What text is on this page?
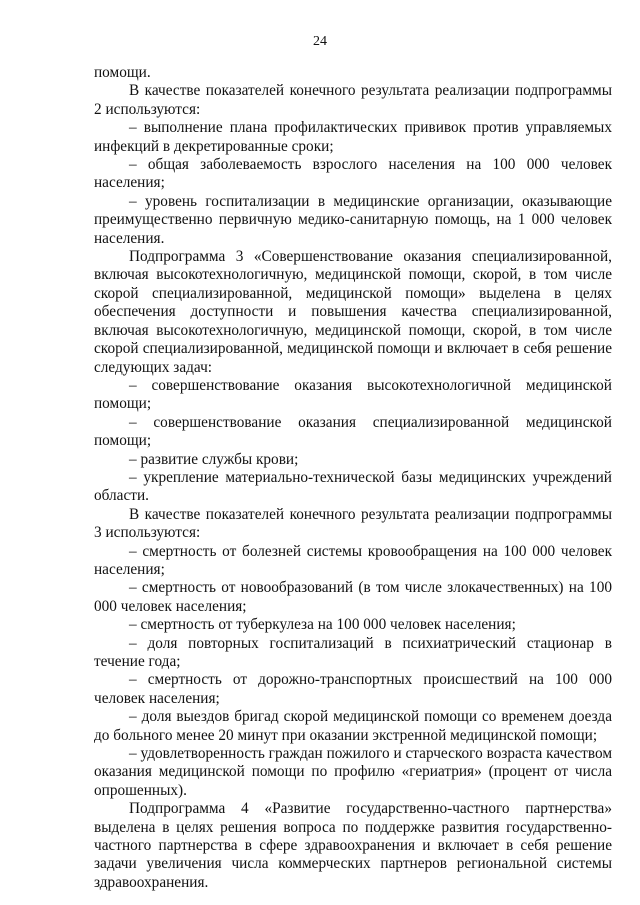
24

помощи.

В качестве показателей конечного результата реализации подпрограммы 2 используются:

– выполнение плана профилактических прививок против управляемых инфекций в декретированные сроки;

– общая заболеваемость взрослого населения на 100 000 человек населения;

– уровень госпитализации в медицинские организации, оказывающие преимущественно первичную медико-санитарную помощь, на 1 000 человек населения.

Подпрограмма 3 «Совершенствование оказания специализированной, включая высокотехнологичную, медицинской помощи, скорой, в том числе скорой специализированной, медицинской помощи» выделена в целях обеспечения доступности и повышения качества специализированной, включая высокотехнологичную, медицинской помощи, скорой, в том числе скорой специализированной, медицинской помощи и включает в себя решение следующих задач:

– совершенствование оказания высокотехнологичной медицинской помощи;

– совершенствование оказания специализированной медицинской помощи;

– развитие службы крови;

– укрепление материально-технической базы медицинских учреждений области.

В качестве показателей конечного результата реализации подпрограммы 3 используются:

– смертность от болезней системы кровообращения на 100 000 человек населения;

– смертность от новообразований (в том числе злокачественных) на 100 000 человек населения;

– смертность от туберкулеза на 100 000 человек населения;

– доля повторных госпитализаций в психиатрический стационар в течение года;

– смертность от дорожно-транспортных происшествий на 100 000 человек населения;

– доля выездов бригад скорой медицинской помощи со временем доезда до больного менее 20 минут при оказании экстренной медицинской помощи;

– удовлетворенность граждан пожилого и старческого возраста качеством оказания медицинской помощи по профилю «гериатрия» (процент от числа опрошенных).

Подпрограмма 4 «Развитие государственно-частного партнерства» выделена в целях решения вопроса по поддержке развития государственно-частного партнерства в сфере здравоохранения и включает в себя решение задачи увеличения числа коммерческих партнеров региональной системы здравоохранения.
